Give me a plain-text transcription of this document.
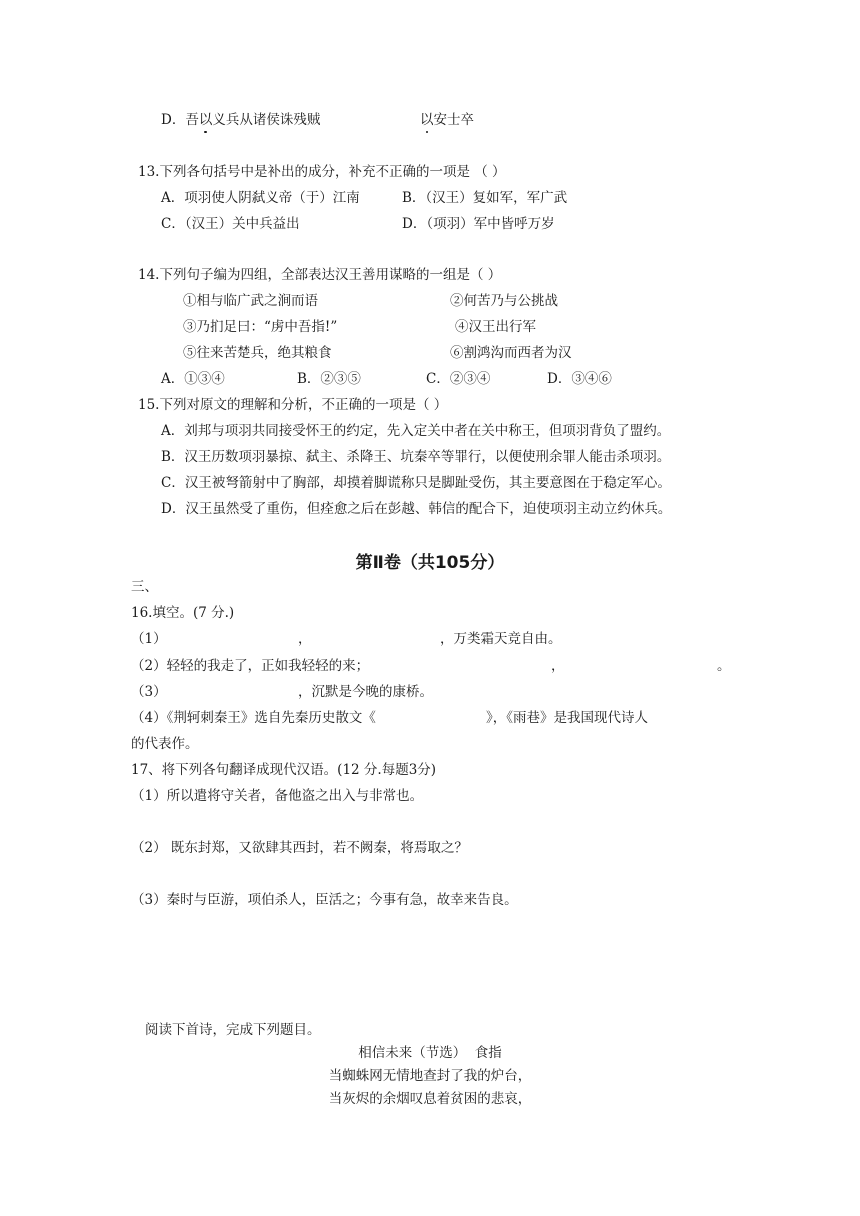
D．吾以义兵从诸侯诛残贼	以安士卒
13.下列各句括号中是补出的成分，补充不正确的一项是 （ ）
A．项羽使人阴弑义帝（于）江南	B．（汉王）复如军，军广武
C．（汉王）关中兵益出	D．（项羽）军中皆呼万岁
14.下列句子编为四组，全部表达汉王善用谋略的一组是（ ）
①相与临广武之涧而语	②何苦乃与公挑战
③乃扪足曰：“虏中吾指!”	④汉王出行军
⑤往来苦楚兵，绝其粮食	⑥割鸿沟而西者为汉
A．①③④	B．②③⑤	C．②③④	D．③④⑥
15.下列对原文的理解和分析，不正确的一项是（ ）
A．刘邦与项羽共同接受怀王的约定，先入定关中者在关中称王，但项羽背负了盟约。
B．汉王历数项羽暴掠、弑主、杀降王、坑秦卒等罪行，以便使刑余罪人能击杀项羽。
C．汉王被弩箭射中了胸部，却摸着脚谎称只是脚趾受伤，其主要意图在于稳定军心。
D．汉王虽然受了重伤，但痊愈之后在彭越、韩信的配合下，迫使项羽主动立约休兵。
第Ⅱ卷（共105分）
三、
16.填空。(7 分.)
（1）	，	，万类霜天竞自由。
（2）轻轻的我走了，正如我轻轻的来；	，	。
（3）	，沉默是今晚的康桥。
（4）《荆轲刺秦王》选自先秦历史散文《	》，《雨巷》是我国现代诗人
的代表作。
17、将下列各句翻译成现代汉语。(12 分.每题3分)
（1）所以遣将守关者，备他盗之出入与非常也。
（2） 既东封郑，又欲肆其西封，若不阙秦，将焉取之？
（3）秦时与臣游，项伯杀人，臣活之；今事有急，故幸来告良。
阅读下首诗，完成下列题目。
相信未来（节选）  食指
当蜘蛛网无情地查封了我的炉台，
当灰烬的余烟叹息着贫困的悲哀，
